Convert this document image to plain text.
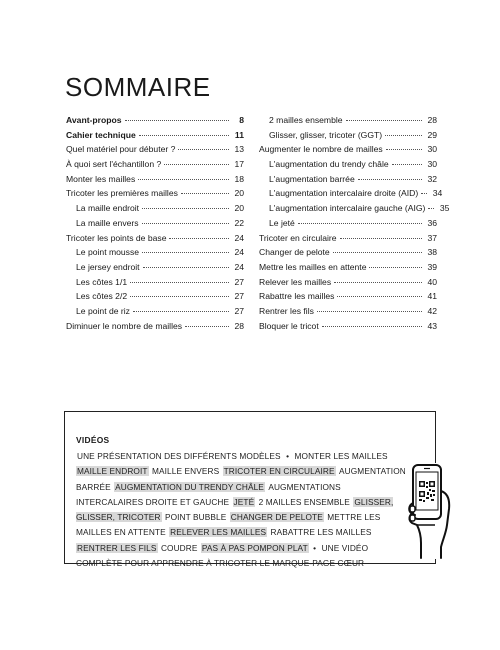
SOMMAIRE
Avant-propos	8
Cahier technique	11
Quel matériel pour débuter ?	13
À quoi sert l'échantillon ?	17
Monter les mailles	18
Tricoter les premières mailles	20
La maille endroit	20
La maille envers	22
Tricoter les points de base	24
Le point mousse	24
Le jersey endroit	24
Les côtes 1/1	27
Les côtes 2/2	27
Le point de riz	27
Diminuer le nombre de mailles	28
2 mailles ensemble	28
Glisser, glisser, tricoter (GGT)	29
Augmenter le nombre de mailles	30
L'augmentation du trendy châle	30
L'augmentation barrée	32
L'augmentation intercalaire droite (AID) 34
L'augmentation intercalaire gauche (AIG) 35
Le jeté	36
Tricoter en circulaire	37
Changer de pelote	38
Mettre les mailles en attente	39
Relever les mailles	40
Rabattre les mailles	41
Rentrer les fils	42
Bloquer le tricot	43
VIDÉOS
UNE PRÉSENTATION DES DIFFÉRENTS MODÈLES • MONTER LES MAILLES MAILLE ENDROIT MAILLE ENVERS TRICOTER EN CIRCULAIRE AUGMENTATION BARRÉE AUGMENTATION DU TRENDY CHÂLE AUGMENTATIONS INTERCALAIRES DROITE ET GAUCHE JETÉ 2 MAILLES ENSEMBLE GLISSER, GLISSER, TRICOTER POINT BUBBLE CHANGER DE PELOTE METTRE LES MAILLES EN ATTENTE RELEVER LES MAILLES RABATTRE LES MAILLES RENTRER LES FILS COUDRE PAS À PAS POMPON PLAT • UNE VIDÉO COMPLÈTE POUR APPRENDRE À TRICOTER LE MARQUE-PAGE CŒUR
